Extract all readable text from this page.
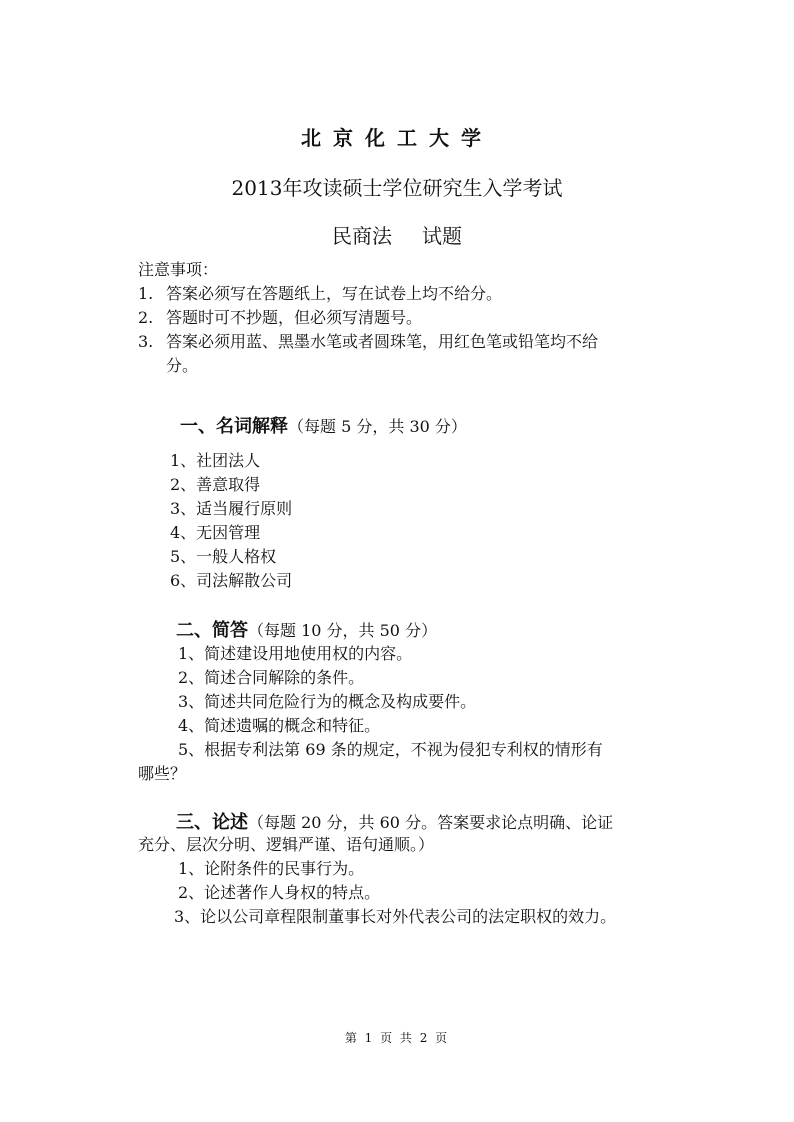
北京化工大学
2013年攻读硕士学位研究生入学考试
民商法 试题
注意事项：
1. 答案必须写在答题纸上，写在试卷上均不给分。
2. 答题时可不抄题，但必须写清题号。
3. 答案必须用蓝、黑墨水笔或者圆珠笔，用红色笔或铅笔均不给
分。
一、名词解释（每题 5 分，共 30 分）
1、社团法人
2、善意取得
3、适当履行原则
4、无因管理
5、一般人格权
6、司法解散公司
二、简答（每题 10 分，共 50 分）
1、简述建设用地使用权的内容。
2、简述合同解除的条件。
3、简述共同危险行为的概念及构成要件。
4、简述遗嘱的概念和特征。
5、根据专利法第 69 条的规定，不视为侵犯专利权的情形有
哪些？
三、论述（每题 20 分，共 60 分。答案要求论点明确、论证
充分、层次分明、逻辑严谨、语句通顺。）
1、论附条件的民事行为。
2、论述著作人身权的特点。
3、论以公司章程限制董事长对外代表公司的法定职权的效力。
第 1 页 共 2 页
